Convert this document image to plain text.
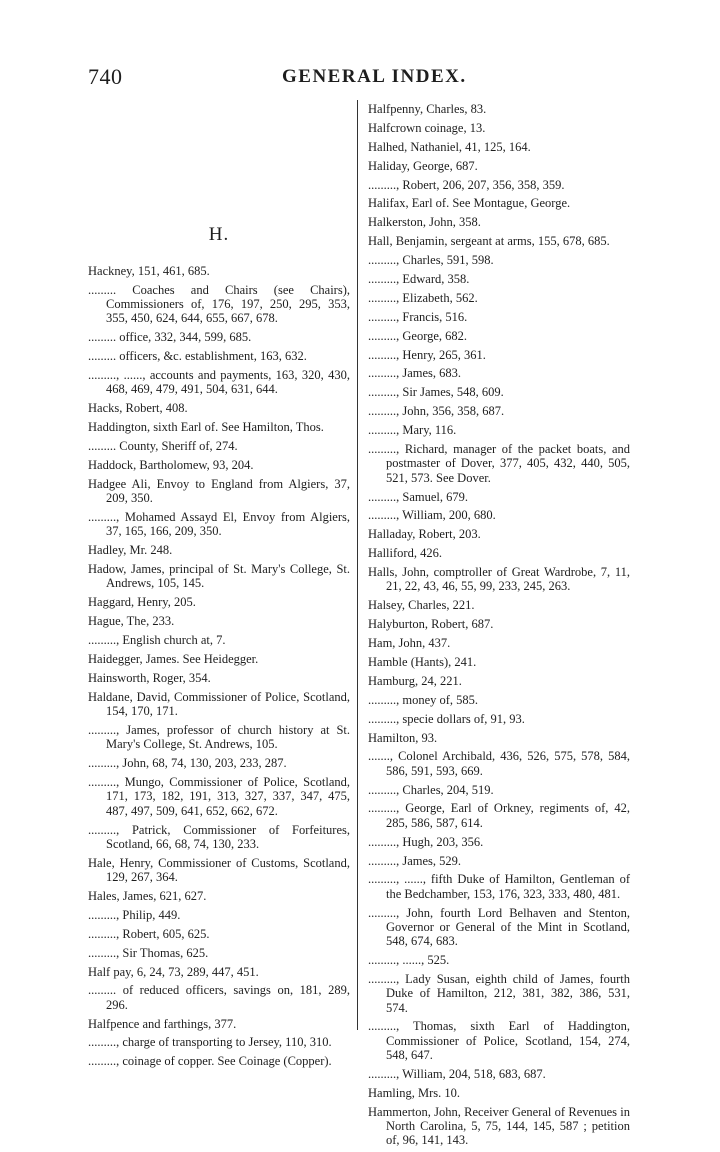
740	GENERAL INDEX.
H.

Hackney, 151, 461, 685.

......... Coaches and Chairs (see Chairs), Commissioners of, 176, 197, 250, 295, 353, 355, 450, 624, 644, 655, 667, 678.

......... office, 332, 344, 599, 685.

......... officers, &c. establishment, 163, 632.

........., ......, accounts and payments, 163, 320, 430, 468, 469, 479, 491, 504, 631, 644.

Hacks, Robert, 408.

Haddington, sixth Earl of. See Hamilton, Thos.

......... County, Sheriff of, 274.

Haddock, Bartholomew, 93, 204.

Hadgee Ali, Envoy to England from Algiers, 37, 209, 350.

........., Mohamed Assayd El, Envoy from Algiers, 37, 165, 166, 209, 350.

Hadley, Mr. 248.

Hadow, James, principal of St. Mary's College, St. Andrews, 105, 145.

Haggard, Henry, 205.

Hague, The, 233.

........., English church at, 7.

Haidegger, James. See Heidegger.

Hainsworth, Roger, 354.

Haldane, David, Commissioner of Police, Scotland, 154, 170, 171.

........., James, professor of church history at St. Mary's College, St. Andrews, 105.

........., John, 68, 74, 130, 203, 233, 287.

........., Mungo, Commissioner of Police, Scotland, 171, 173, 182, 191, 313, 327, 337, 347, 475, 487, 497, 509, 641, 652, 662, 672.

........., Patrick, Commissioner of Forfeitures, Scotland, 66, 68, 74, 130, 233.

Hale, Henry, Commissioner of Customs, Scotland, 129, 267, 364.

Hales, James, 621, 627.

........., Philip, 449.

........., Robert, 605, 625.

........., Sir Thomas, 625.

Half pay, 6, 24, 73, 289, 447, 451.

......... of reduced officers, savings on, 181, 289, 296.

Halfpence and farthings, 377.

........., charge of transporting to Jersey, 110, 310.

........., coinage of copper. See Coinage (Copper).

Halfpenny, Charles, 83.

Halfcrown coinage, 13.

Halhed, Nathaniel, 41, 125, 164.

Haliday, George, 687.

........., Robert, 206, 207, 356, 358, 359.

Halifax, Earl of. See Montague, George.

Halkerston, John, 358.

Hall, Benjamin, sergeant at arms, 155, 678, 685.

........., Charles, 591, 598.

........., Edward, 358.

........., Elizabeth, 562.

........., Francis, 516.

........., George, 682.

........., Henry, 265, 361.

........., James, 683.

........., Sir James, 548, 609.

........., John, 356, 358, 687.

........., Mary, 116.

........., Richard, manager of the packet boats, and postmaster of Dover, 377, 405, 432, 440, 505, 521, 573. See Dover.

........., Samuel, 679.

........., William, 200, 680.

Halladay, Robert, 203.

Halliford, 426.

Halls, John, comptroller of Great Wardrobe, 7, 11, 21, 22, 43, 46, 55, 99, 233, 245, 263.

Halsey, Charles, 221.

Halyburton, Robert, 687.

Ham, John, 437.

Hamble (Hants), 241.

Hamburg, 24, 221.

........., money of, 585.

........., specie dollars of, 91, 93.

Hamilton, 93.

......., Colonel Archibald, 436, 526, 575, 578, 584, 586, 591, 593, 669.

........., Charles, 204, 519.

........., George, Earl of Orkney, regiments of, 42, 285, 586, 587, 614.

........., Hugh, 203, 356.

........., James, 529.

........., ......, fifth Duke of Hamilton, Gentleman of the Bedchamber, 153, 176, 323, 333, 480, 481.

........., John, fourth Lord Belhaven and Stenton, Governor or General of the Mint in Scotland, 548, 674, 683.

........., ......, 525.

........., Lady Susan, eighth child of James, fourth Duke of Hamilton, 212, 381, 382, 386, 531, 574.

........., Thomas, sixth Earl of Haddington, Commissioner of Police, Scotland, 154, 274, 548, 647.

........., William, 204, 518, 683, 687.

Hamling, Mrs. 10.

Hammerton, John, Receiver General of Revenues in North Carolina, 5, 75, 144, 145, 587 ; petition of, 96, 141, 143.
